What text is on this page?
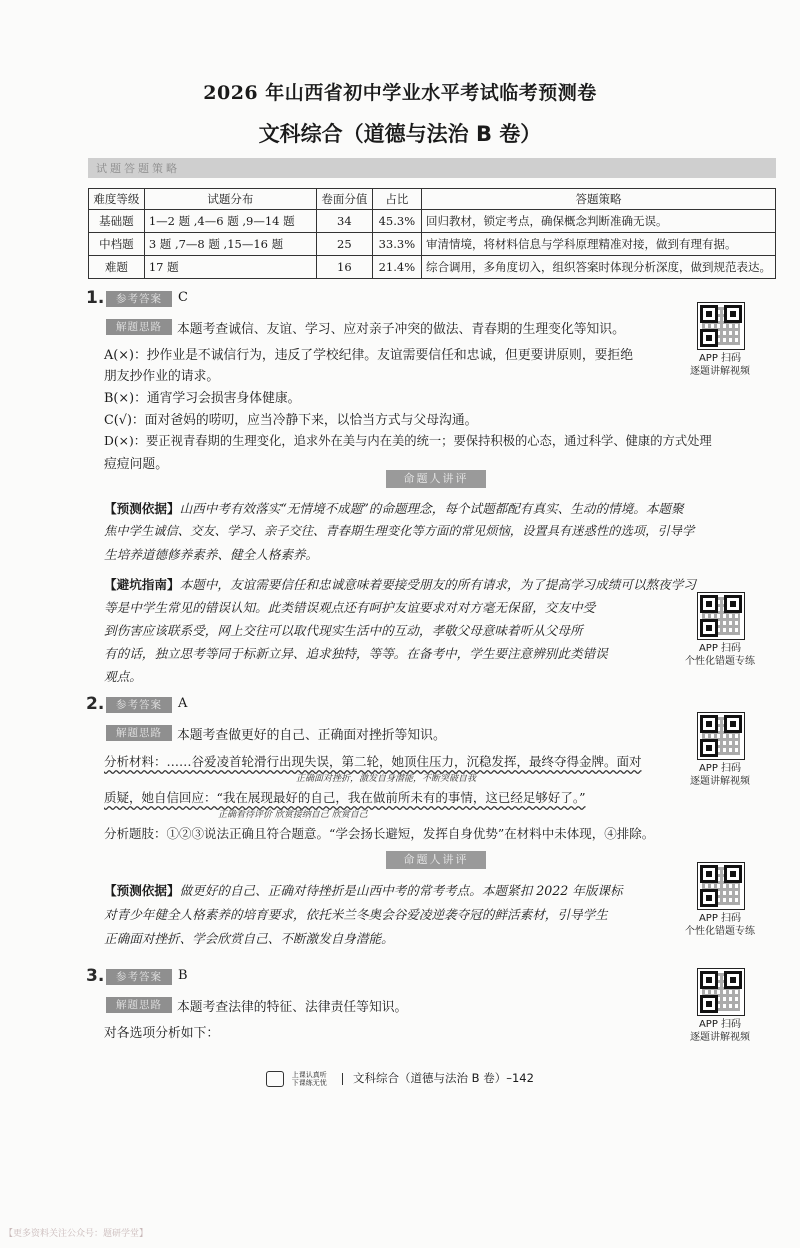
2026 年山西省初中学业水平考试临考预测卷
文科综合（道德与法治 B 卷）
试题答题策略
难度等级	试题分布	卷面分值	占比	答题策略
基础题	1—2 题 ,4—6 题 ,9—14 题	34	45.3%	回归教材，锁定考点，确保概念判断准确无误。
中档题	3 题 ,7—8 题 ,15—16 题	25	33.3%	审清情境，将材料信息与学科原理精准对接，做到有理有据。
难题	17 题	16	21.4%	综合调用，多角度切入，组织答案时体现分析深度，做到规范表达。
1.	参考答案	C
解题思路	本题考查诚信、友谊、学习、应对亲子冲突的做法、青春期的生理变化等知识。
A(×)：抄作业是不诚信行为，违反了学校纪律。友谊需要信任和忠诚，但更要讲原则，要拒绝
朋友抄作业的请求。
B(×)：通宵学习会损害身体健康。
C(√)：面对爸妈的唠叨，应当冷静下来，以恰当方式与父母沟通。
D(×)：要正视青春期的生理变化，追求外在美与内在美的统一；要保持积极的心态，通过科学、健康的方式处理
痘痘问题。
命题人讲评
【预测依据】山西中考有效落实“无情境不成题”的命题理念，每个试题都配有真实、生动的情境。本题聚
焦中学生诚信、交友、学习、亲子交往、青春期生理变化等方面的常见烦恼，设置具有迷惑性的选项，引导学
生培养道德修养素养、健全人格素养。
【避坑指南】本题中，友谊需要信任和忠诚意味着要接受朋友的所有请求，为了提高学习成绩可以熬夜学习
等是中学生常见的错误认知。此类错误观点还有呵护友谊要求对对方毫无保留，交友中受
到伤害应该联系受，网上交往可以取代现实生活中的互动，孝敬父母意味着听从父母所
有的话，独立思考等同于标新立异、追求独特，等等。在备考中，学生要注意辨别此类错误
观点。
2.	参考答案	A
解题思路	本题考查做更好的自己、正确面对挫折等知识。
分析材料：……谷爱凌首轮滑行出现失误，第二轮，她顶住压力，沉稳发挥，最终夺得金牌。面对
正确面对挫折，激发自身潜能，不断突破自我
质疑，她自信回应：“我在展现最好的自己，我在做前所未有的事情，这已经足够好了。”
正确看待评价 欣赏接纳自己 欣赏自己
分析题肢：①②③说法正确且符合题意。“学会扬长避短，发挥自身优势”在材料中未体现，④排除。
命题人讲评
【预测依据】做更好的自己、正确对待挫折是山西中考的常考考点。本题紧扣 2022 年版课标
对青少年健全人格素养的培育要求，依托米兰冬奥会谷爱凌逆袭夺冠的鲜活素材，引导学生
正确面对挫折、学会欣赏自己、不断激发自身潜能。
3.	参考答案	B
解题思路	本题考查法律的特征、法律责任等知识。
对各选项分析如下：
APP 扫码
逐题讲解视频
APP 扫码
个性化错题专练
APP 扫码
逐题讲解视频
APP 扫码
个性化错题专练
APP 扫码
逐题讲解视频
上课认真听
下课练无忧 文科综合（道德与法治 B 卷）–142
【更多资料关注公众号：题研学堂】
